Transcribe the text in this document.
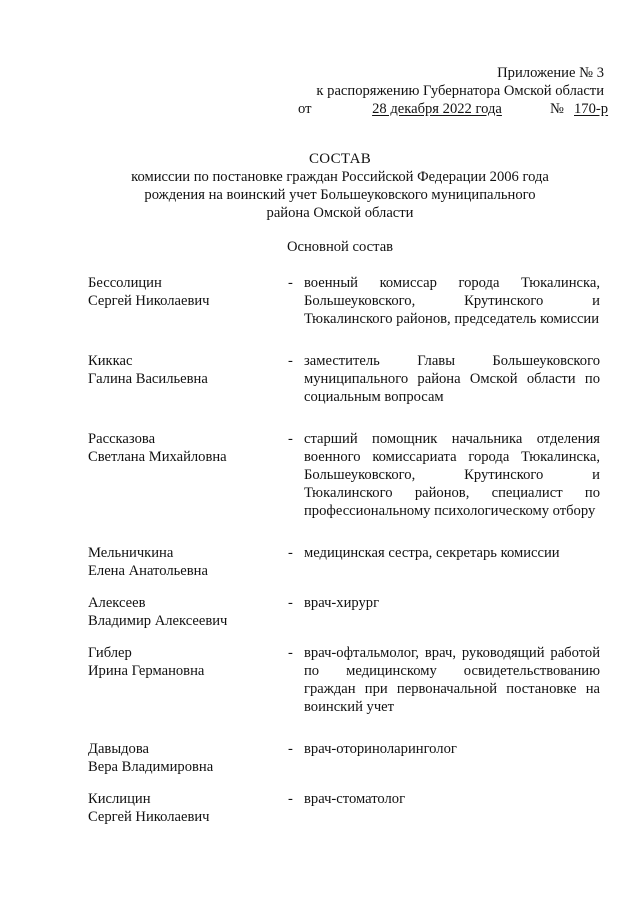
Приложение № 3
к распоряжению Губернатора Омской области
от	28 декабря 2022 года	№ 170-р
СОСТАВ
комиссии по постановке граждан Российской Федерации 2006 года
рождения на воинский учет Большеуковского муниципального
района Омской области
Основной состав
Бессолицин
Сергей Николаевич
- военный комиссар города Тюкалинска, Большеуковского, Крутинского и Тюкалинского районов, председатель комиссии
Киккас
Галина Васильевна
- заместитель Главы Большеуковского муниципального района Омской области по социальным вопросам
Рассказова
Светлана Михайловна
- старший помощник начальника отделения военного комиссариата города Тюкалинска, Большеуковского, Крутинского и Тюкалинского районов, специалист по профессиональному психологическому отбору
Мельничкина
Елена Анатольевна
- медицинская сестра, секретарь комиссии
Алексеев
Владимир Алексеевич
- врач-хирург
Гиблер
Ирина Германовна
- врач-офтальмолог, врач, руководящий работой по медицинскому освидетельствованию граждан при первоначальной постановке на воинский учет
Давыдова
Вера Владимировна
- врач-оториноларинголог
Кислицин
Сергей Николаевич
- врач-стоматолог
